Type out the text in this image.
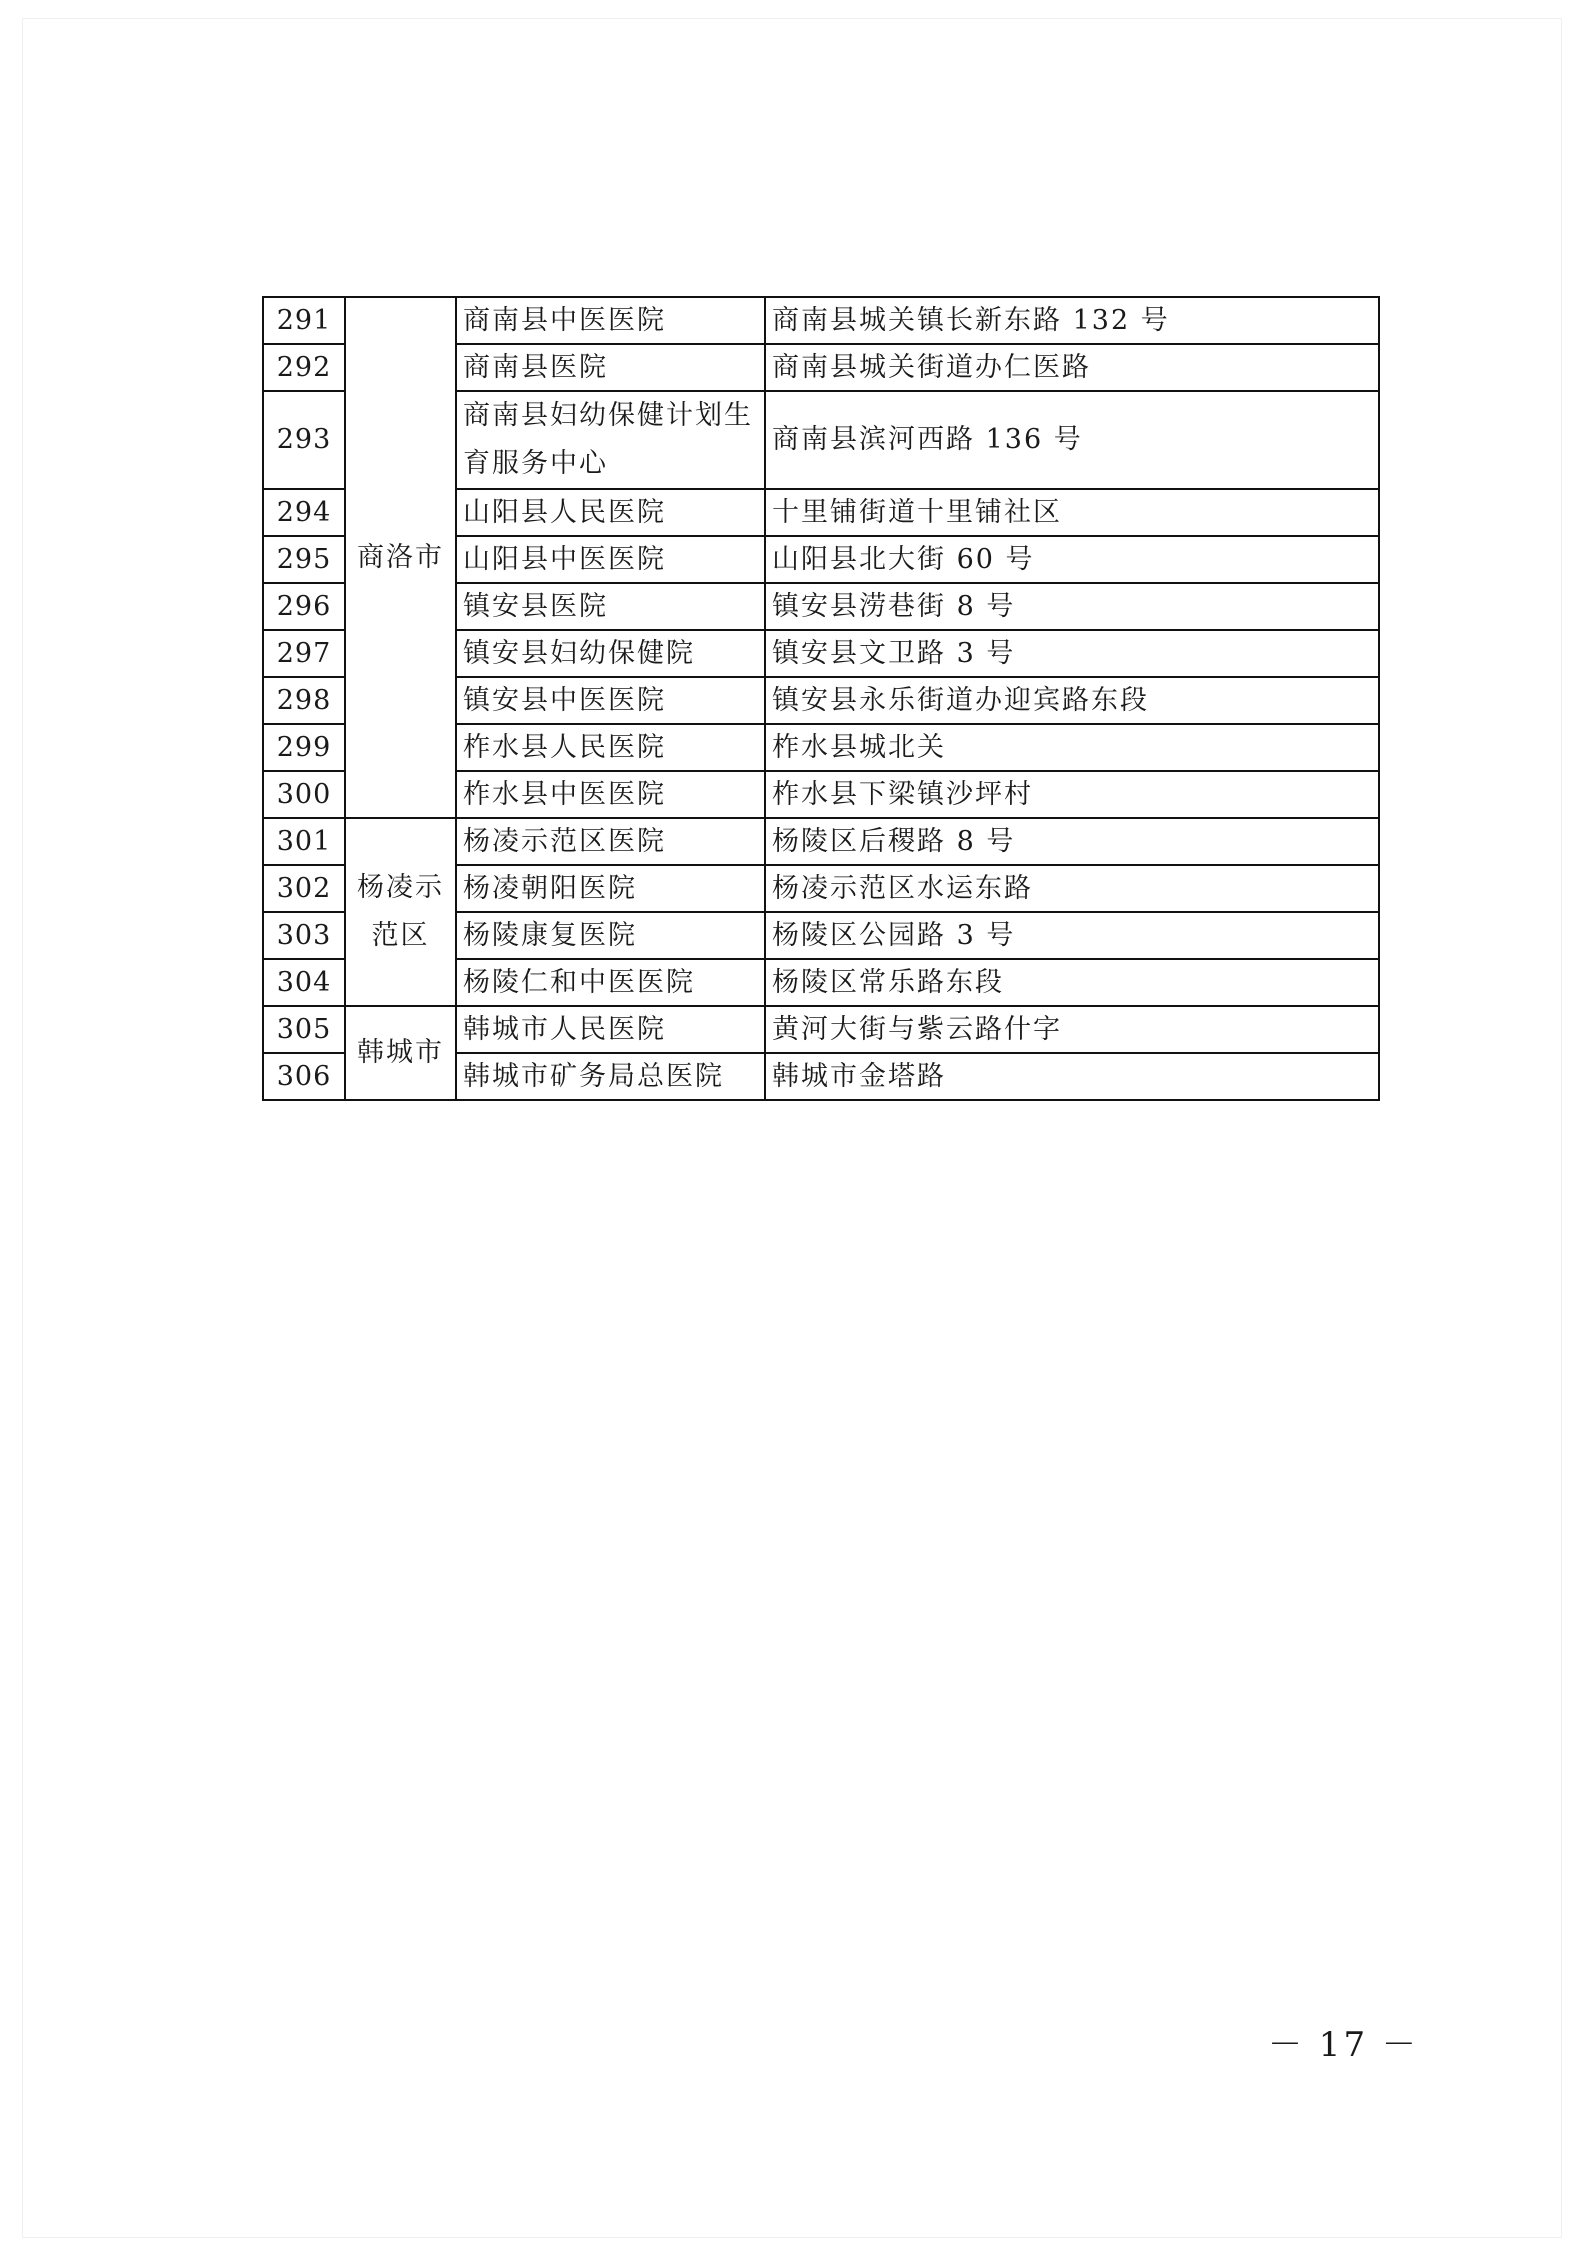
291	商洛市	商南县中医医院	商南县城关镇长新东路 132 号
292		商南县医院	商南县城关街道办仁医路
293		商南县妇幼保健计划生育服务中心	商南县滨河西路 136 号
294		山阳县人民医院	十里铺街道十里铺社区
295		山阳县中医医院	山阳县北大街 60 号
296		镇安县医院	镇安县涝巷街 8 号
297		镇安县妇幼保健院	镇安县文卫路 3 号
298		镇安县中医医院	镇安县永乐街道办迎宾路东段
299		柞水县人民医院	柞水县城北关
300		柞水县中医医院	柞水县下梁镇沙坪村
301	杨凌示范区	杨凌示范区医院	杨陵区后稷路 8 号
302		杨凌朝阳医院	杨凌示范区水运东路
303		杨陵康复医院	杨陵区公园路 3 号
304		杨陵仁和中医医院	杨陵区常乐路东段
305	韩城市	韩城市人民医院	黄河大街与紫云路什字
306		韩城市矿务局总医院	韩城市金塔路
－ 17 －
